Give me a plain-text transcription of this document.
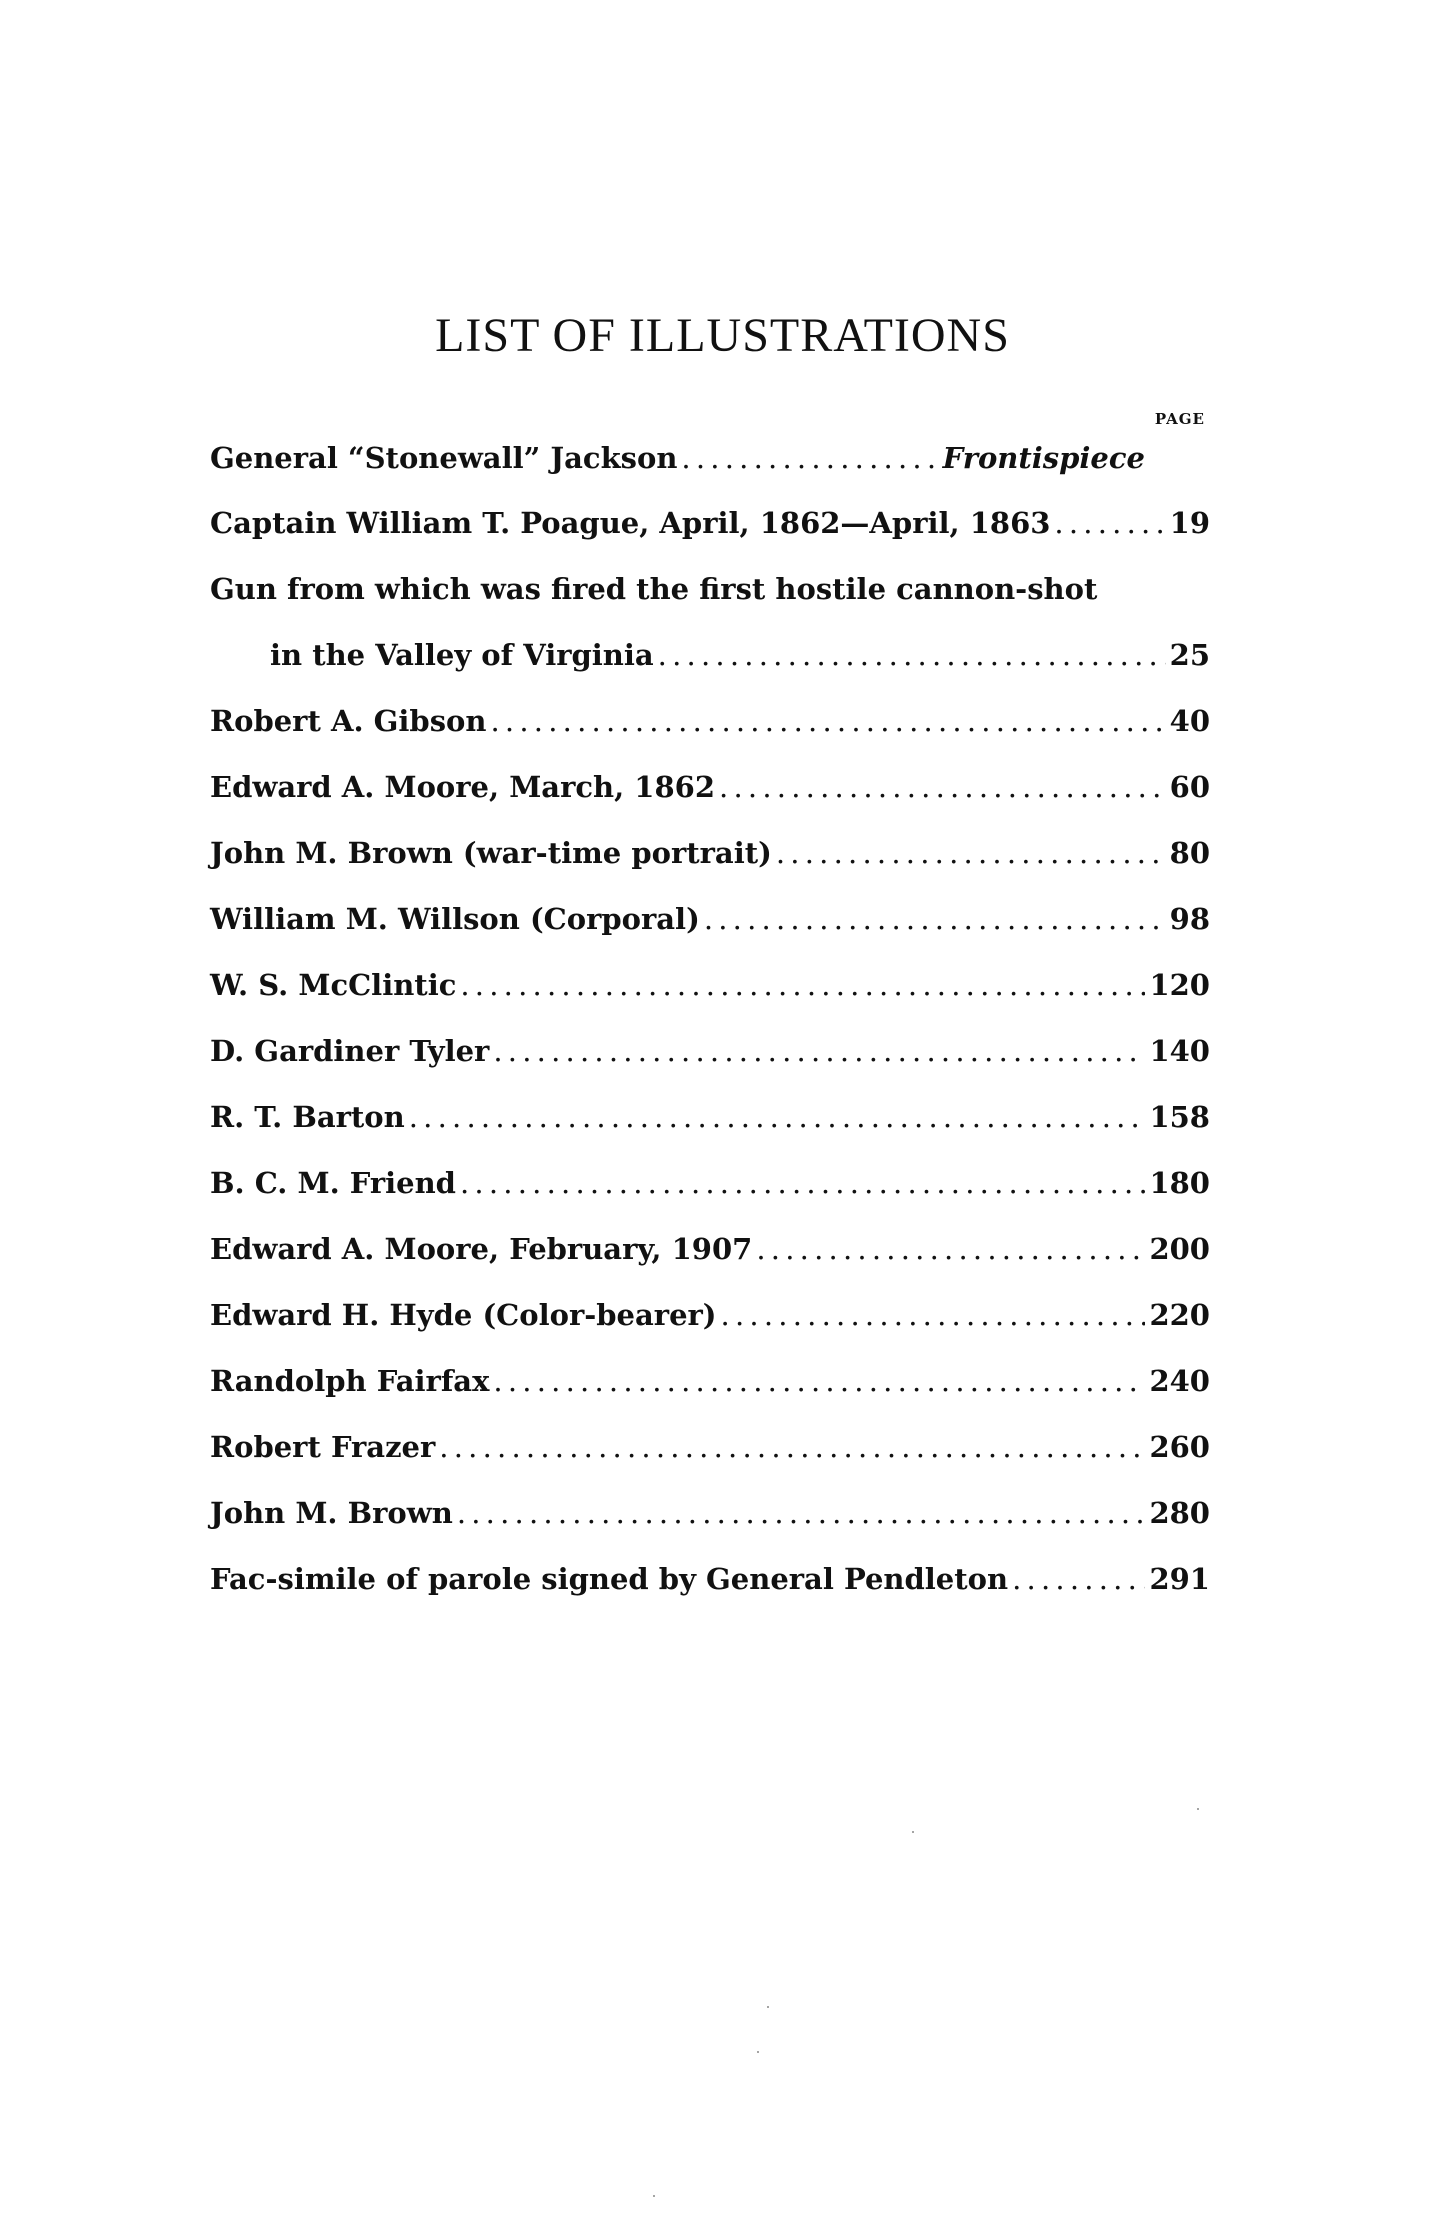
LIST OF ILLUSTRATIONS
PAGE
General “Stonewall” Jackson . . .	Frontispiece
Captain William T. Poague, April, 1862—April, 1863 . . .	19
Gun from which was fired the first hostile cannon-shot
in the Valley of Virginia . . .	25
Robert A. Gibson . . .	40
Edward A. Moore, March, 1862 . . .	60
John M. Brown (war-time portrait) . . .	80
William M. Willson (Corporal) . . .	98
W. S. McClintic . . .	120
D. Gardiner Tyler . . .	140
R. T. Barton . . .	158
B. C. M. Friend . . .	180
Edward A. Moore, February, 1907 . . .	200
Edward H. Hyde (Color-bearer) . . .	220
Randolph Fairfax . . .	240
Robert Frazer . . .	260
John M. Brown . . .	280
Fac-simile of parole signed by General Pendleton . . .	291
